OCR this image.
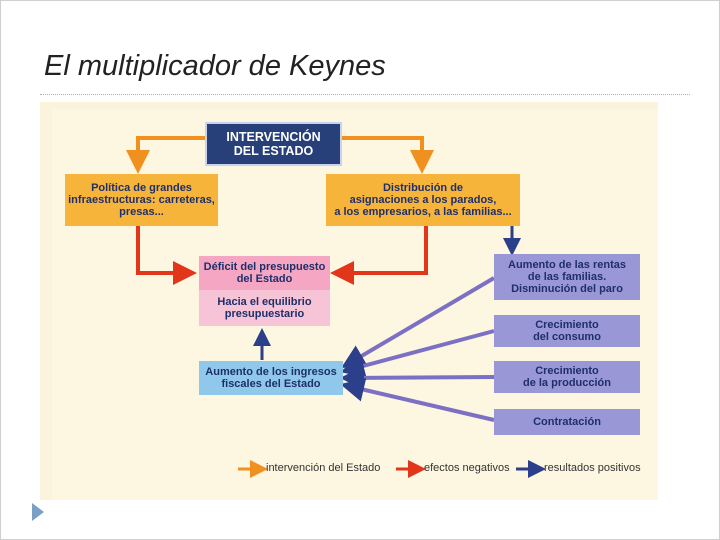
El multiplicador de Keynes
INTERVENCIÓN
DEL ESTADO
Política de grandes
infraestructuras: carreteras,
presas...
Distribución de
asignaciones a los parados,
a los empresarios, a las familias...
Déficit del presupuesto
del Estado
Hacia el equilibrio
presupuestario
Aumento de los ingresos
fiscales del Estado
Aumento de las rentas
de las familias.
Disminución del paro
Crecimiento
del consumo
Crecimiento
de la producción
Contratación
intervención del Estado	efectos negativos	resultados positivos
